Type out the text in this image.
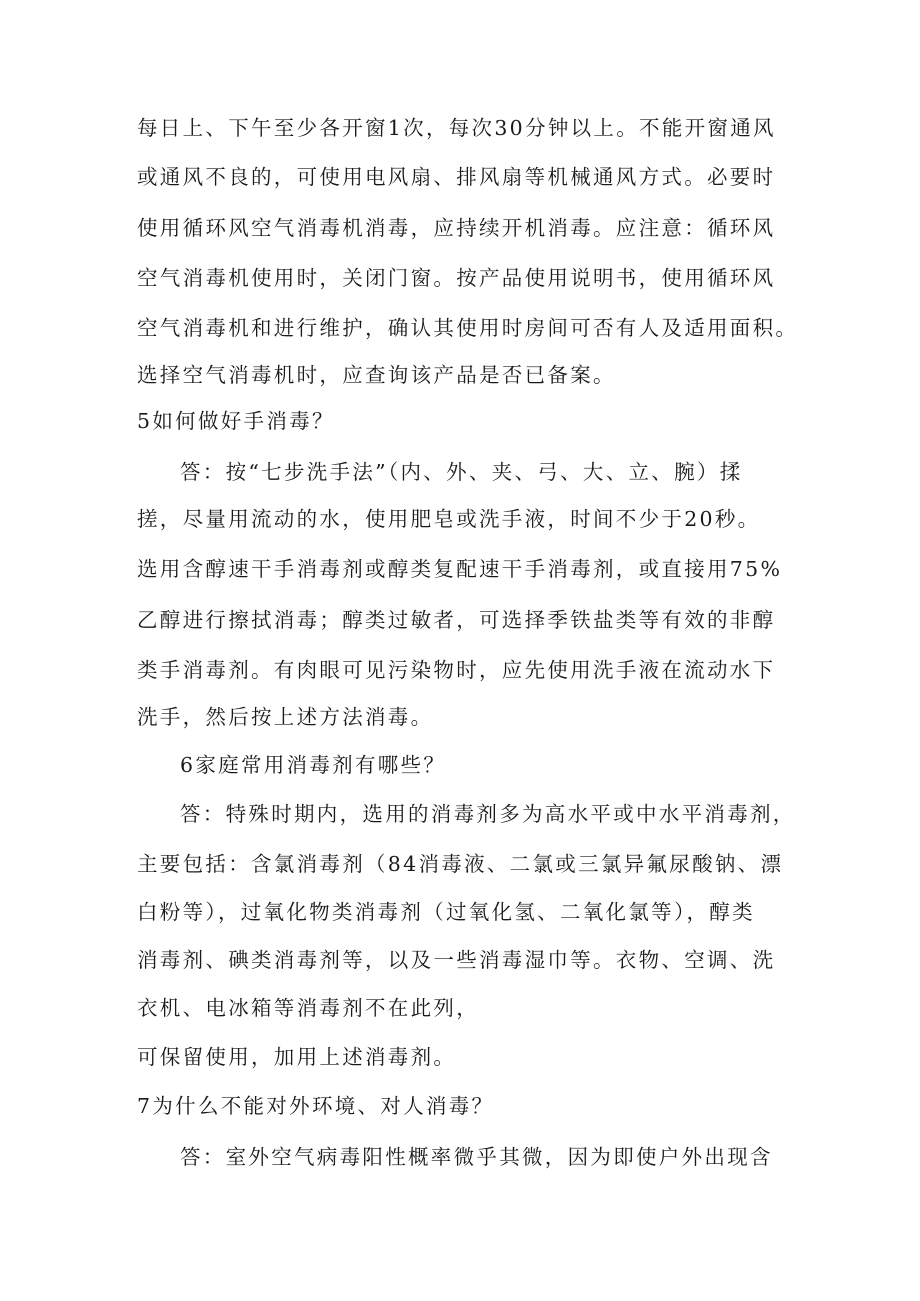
每日上、下午至少各开窗1次，每次30分钟以上。不能开窗通风

或通风不良的，可使用电风扇、排风扇等机械通风方式。必要时

使用循环风空气消毒机消毒，应持续开机消毒。应注意：循环风

空气消毒机使用时，关闭门窗。按产品使用说明书，使用循环风

空气消毒机和进行维护，确认其使用时房间可否有人及适用面积。

选择空气消毒机时，应查询该产品是否已备案。

5如何做好手消毒？

答：按“七步洗手法”（内、外、夹、弓、大、立、腕）揉

搓，尽量用流动的水，使用肥皂或洗手液，时间不少于20秒。

选用含醇速干手消毒剂或醇类复配速干手消毒剂，或直接用75%

乙醇进行擦拭消毒；醇类过敏者，可选择季铁盐类等有效的非醇

类手消毒剂。有肉眼可见污染物时，应先使用洗手液在流动水下

洗手，然后按上述方法消毒。

6家庭常用消毒剂有哪些？

答：特殊时期内，选用的消毒剂多为高水平或中水平消毒剂，

主要包括：含氯消毒剂（84消毒液、二氯或三氯异氟尿酸钠、漂

白粉等），过氧化物类消毒剂（过氧化氢、二氧化氯等），醇类

消毒剂、碘类消毒剂等，以及一些消毒湿巾等。衣物、空调、洗

衣机、电冰箱等消毒剂不在此列，

可保留使用，加用上述消毒剂。

7为什么不能对外环境、对人消毒？

答：室外空气病毒阳性概率微乎其微，因为即使户外出现含
